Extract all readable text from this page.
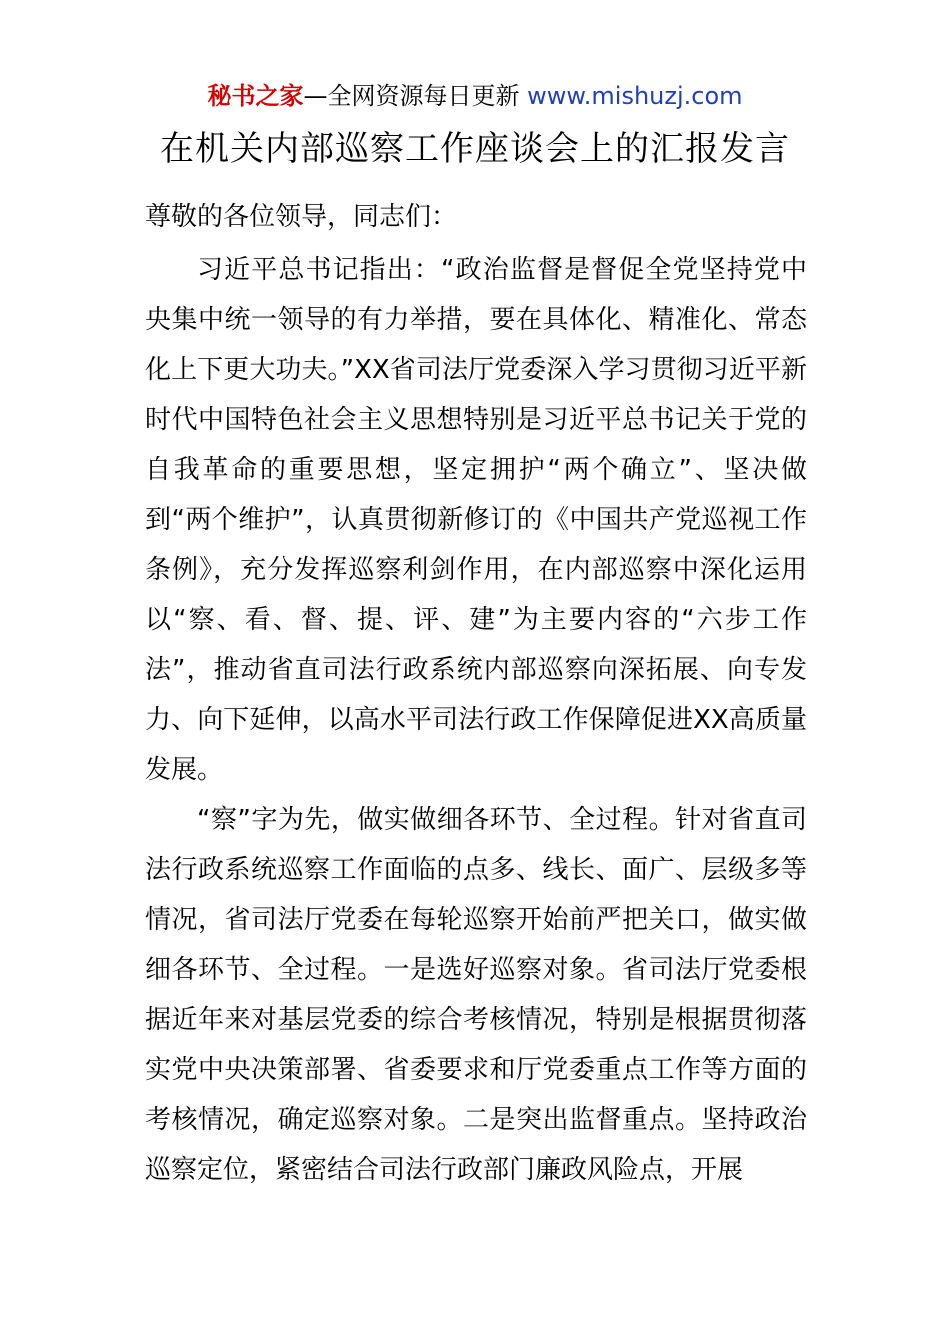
秘书之家—全网资源每日更新 www.mishuzj.com
在机关内部巡察工作座谈会上的汇报发言

尊敬的各位领导，同志们：

习近平总书记指出：“政治监督是督促全党坚持党中央集中统一领导的有力举措，要在具体化、精准化、常态化上下更大功夫。”XX省司法厅党委深入学习贯彻习近平新时代中国特色社会主义思想特别是习近平总书记关于党的自我革命的重要思想，坚定拥护“两个确立”、坚决做到“两个维护”，认真贯彻新修订的《中国共产党巡视工作条例》，充分发挥巡察利剑作用，在内部巡察中深化运用以“察、看、督、提、评、建”为主要内容的“六步工作法”，推动省直司法行政系统内部巡察向深拓展、向专发力、向下延伸，以高水平司法行政工作保障促进XX高质量发展。

“察”字为先，做实做细各环节、全过程。针对省直司法行政系统巡察工作面临的点多、线长、面广、层级多等情况，省司法厅党委在每轮巡察开始前严把关口，做实做细各环节、全过程。一是选好巡察对象。省司法厅党委根据近年来对基层党委的综合考核情况，特别是根据贯彻落实党中央决策部署、省委要求和厅党委重点工作等方面的考核情况，确定巡察对象。二是突出监督重点。坚持政治巡察定位，紧密结合司法行政部门廉政风险点，开展
